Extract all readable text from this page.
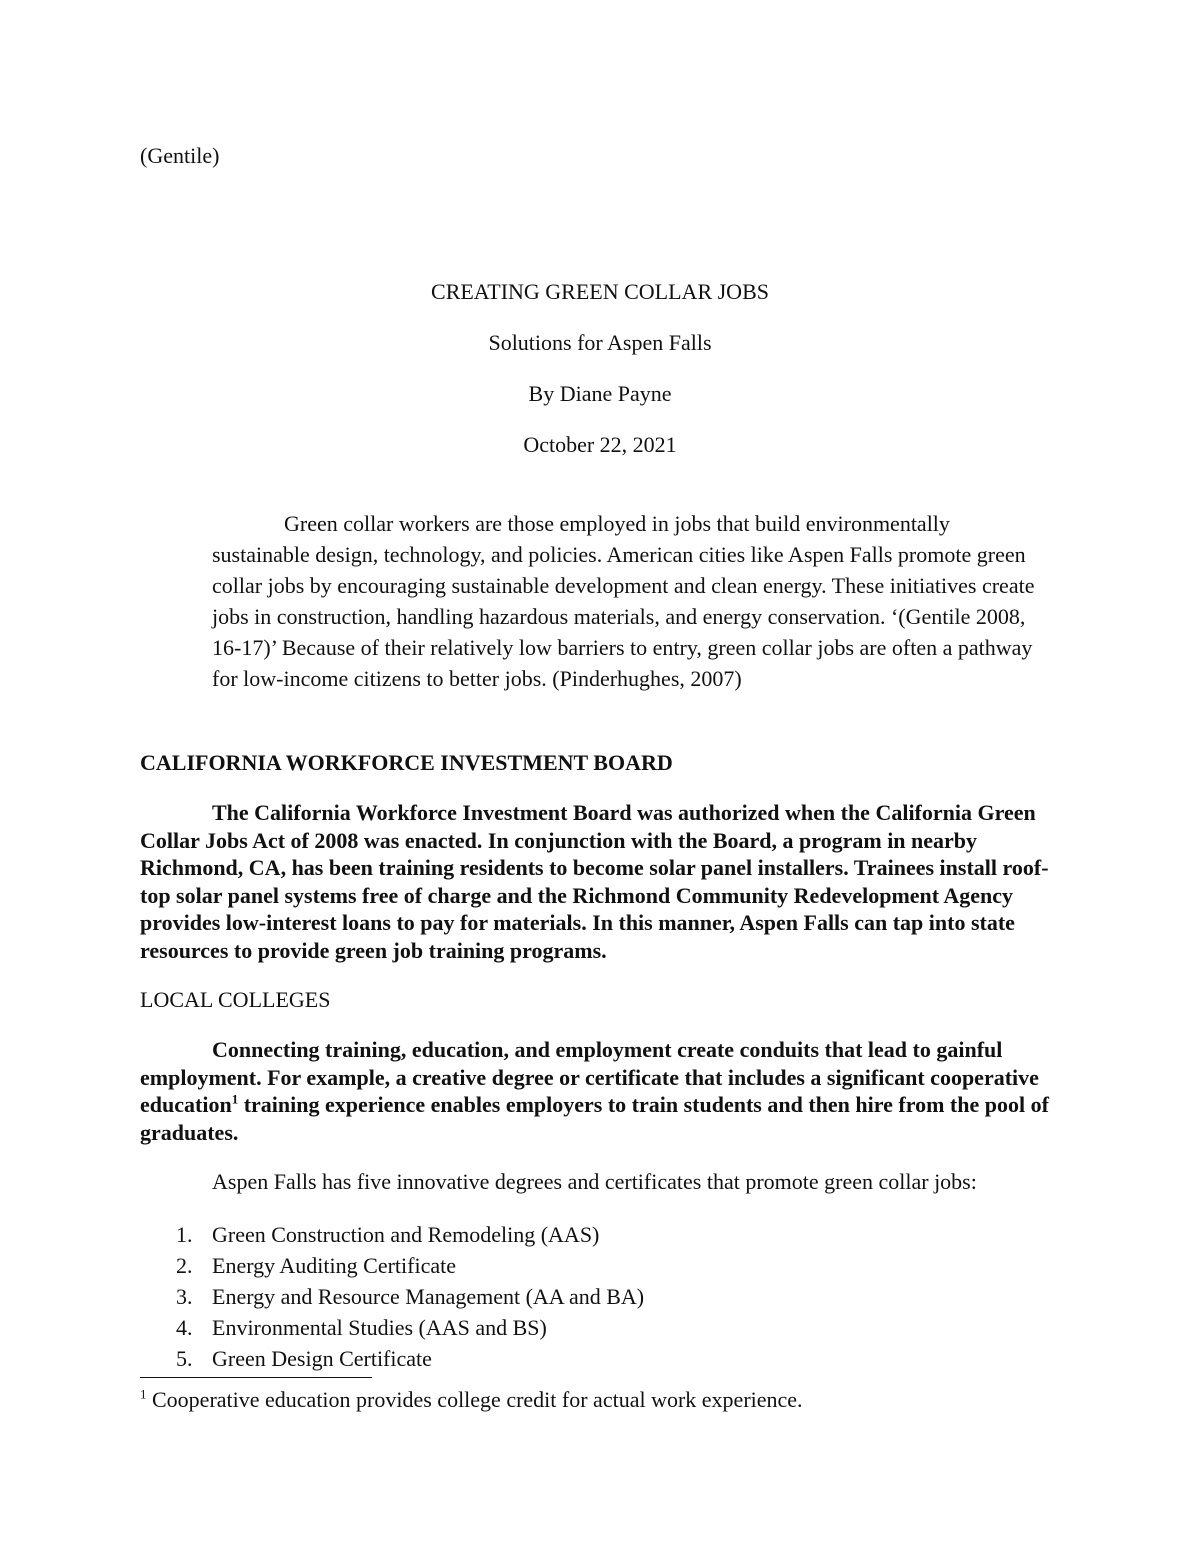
(Gentile)

CREATING GREEN COLLAR JOBS

Solutions for Aspen Falls

By Diane Payne

October 22, 2021

Green collar workers are those employed in jobs that build environmentally sustainable design, technology, and policies. American cities like Aspen Falls promote green collar jobs by encouraging sustainable development and clean energy. These initiatives create jobs in construction, handling hazardous materials, and energy conservation. ‘(Gentile 2008, 16-17)’ Because of their relatively low barriers to entry, green collar jobs are often a pathway for low-income citizens to better jobs. (Pinderhughes, 2007)

CALIFORNIA WORKFORCE INVESTMENT BOARD

The California Workforce Investment Board was authorized when the California Green Collar Jobs Act of 2008 was enacted. In conjunction with the Board, a program in nearby Richmond, CA, has been training residents to become solar panel installers. Trainees install roof-top solar panel systems free of charge and the Richmond Community Redevelopment Agency provides low-interest loans to pay for materials. In this manner, Aspen Falls can tap into state resources to provide green job training programs.

LOCAL COLLEGES

Connecting training, education, and employment create conduits that lead to gainful employment. For example, a creative degree or certificate that includes a significant cooperative education$^1$ training experience enables employers to train students and then hire from the pool of graduates.

Aspen Falls has five innovative degrees and certificates that promote green collar jobs:

1. Green Construction and Remodeling (AAS)
2. Energy Auditing Certificate
3. Energy and Resource Management (AA and BA)
4. Environmental Studies (AAS and BS)
5. Green Design Certificate

$^1$ Cooperative education provides college credit for actual work experience.
